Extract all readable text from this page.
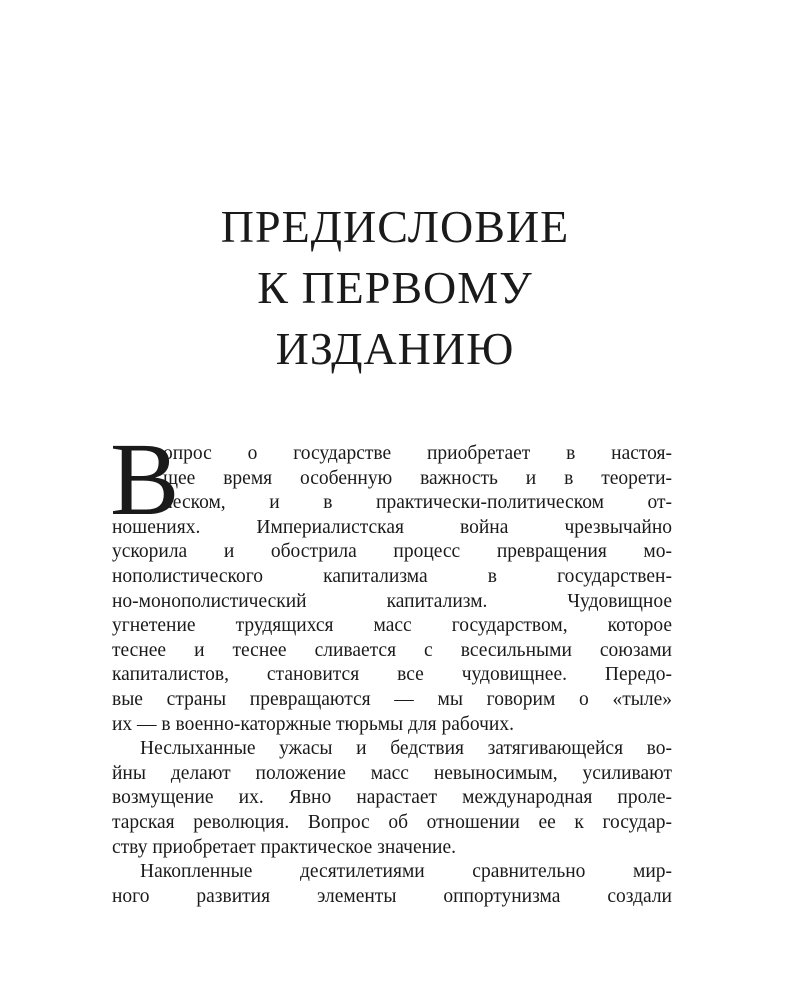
ПРЕДИСЛОВИЕ
К ПЕРВОМУ
ИЗДАНИЮ
В
опрос о государстве приобретает в настоя-
щее время особенную важность и в теорети-
ческом, и в практически-политическом от-
ношениях. Империалистская война чрезвычайно
ускорила и обострила процесс превращения мо-
нополистического капитализма в государствен-
но-монополистический капитализм. Чудовищное
угнетение трудящихся масс государством, которое
теснее и теснее сливается с всесильными союзами
капиталистов, становится все чудовищнее. Передо-
вые страны превращаются — мы говорим о «тыле»
их — в военно-каторжные тюрьмы для рабочих.
Неслыханные ужасы и бедствия затягивающейся во-
йны делают положение масс невыносимым, усиливают
возмущение их. Явно нарастает международная проле-
тарская революция. Вопрос об отношении ее к государ-
ству приобретает практическое значение.
Накопленные десятилетиями сравнительно мир-
ного развития элементы оппортунизма создали
